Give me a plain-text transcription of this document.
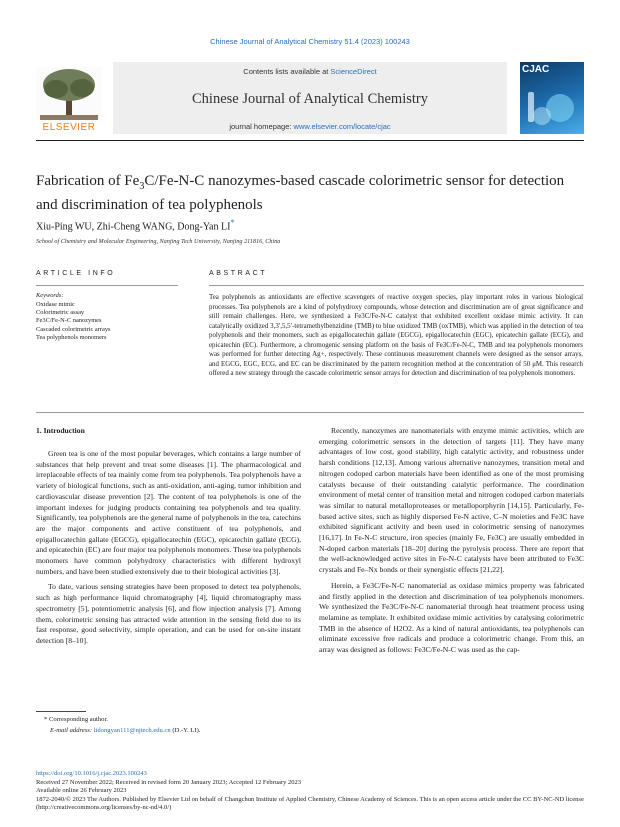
Chinese Journal of Analytical Chemistry 51.4 (2023) 100243
ELSEVIER
Contents lists available at ScienceDirect
Chinese Journal of Analytical Chemistry
journal homepage: www.elsevier.com/locate/cjac
CJAC
Fabrication of $Fe_3C/Fe-N-C$ nanozymes-based cascade colorimetric sensor for detection and discrimination of tea polyphenols
Xiu-Ping WU, Zhi-Cheng WANG, Dong-Yan LI*
School of Chemistry and Molecular Engineering, Nanjing Tech University, Nanjing 211816, China
ARTICLE INFO
Keywords:
Oxidase mimic
Colorimetric assay
Fe3C/Fe-N-C nanozymes
Cascaded colorimetric arrays
Tea polyphenols monomers
ABSTRACT
Tea polyphenols as antioxidants are effective scavengers of reactive oxygen species, play important roles in various biological processes. Tea polyphenols are a kind of polyhydroxy compounds, whose detection and discrimination are of great significance and still remain challenges. Here, we synthesized a Fe3C/Fe-N-C catalyst that exhibited excellent oxidase mimic activity. It can catalytically oxidized 3,3′,5,5′-tetramethylbenzidine (TMB) to blue oxidized TMB (oxTMB), which was applied in the detection of tea polyphenols and their monomers, such as epigallocatechin gallate (EGCG), epigallocatechin (EGC), epicatechin gallate (ECG), and epicatechin (EC). Furthermore, a chromogenic sensing platform on the basis of Fe3C/Fe-N-C, TMB and tea polyphenols monomers was performed for further detecting Ag+, respectively. These continuous measurement channels were designed as the sensor arrays, and EGCG, EGC, ECG, and EC can be discriminated by the pattern recognition method at the concentration of 50 μM. This research offered a new strategy through the cascade colorimetric sensor arrays for detection and discrimination of tea polyphenols monomers.
1. Introduction

Green tea is one of the most popular beverages, which contains a large number of substances that help prevent and treat some diseases [1]. The pharmacological and irreplaceable effects of tea mainly come from tea polyphenols. Tea polyphenols have a variety of biological functions, such as anti-oxidation, anti-aging, tumor inhibition and cardiovascular disease prevention [2]. The content of tea polyphenols is one of the important indexes for judging products containing tea polyphenols and tea quality. Significantly, tea polyphenols are the general name of polyphenols in the tea, catechins are the major components and active constituent of tea polyphenols, and epigallocatechin gallate (EGCG), epigallocatechin (EGC), epicatechin gallate (ECG), and epicatechin (EC) are four major tea polyphenols monomers. These tea polyphenols monomers have common polyhydroxy characteristics with different hydroxyl numbers, and have been studied extensively due to their biological activities [3].

To date, various sensing strategies have been proposed to detect tea polyphenols, such as high performance liquid chromatography [4], liquid chromatography mass spectrometry [5], potentiometric analysis [6], and flow injection analysis [7]. Among them, colorimetric sensing has attracted wide attention in the sensing field due to its fast response, good selectivity, simple operation, and can be used for on-site instant detection [8–10].

Recently, nanozymes are nanomaterials with enzyme mimic activities, which are emerging colorimetric sensors in the detection of targets [11]. They have many advantages of low cost, good stability, high catalytic activity, and robustness under harsh conditions [12,13]. Among various alternative nanozymes, transition metal and nitrogen codoped carbon materials have been identified as one of the most promising catalysts because of their outstanding catalytic performance. The coordination environment of metal center of transition metal and nitrogen codoped carbon materials was similar to natural metalloproteases or metalloporphyrin [14,15]. Particularly, Fe-based active sites, such as highly dispersed Fe-N active, C–N moieties and Fe3C have exhibited significant activity and been used in colorimetric sensing of nanozymes [16,17]. In Fe-N-C structure, iron species (mainly Fe, Fe3C) are usually embedded in N-doped carbon materials [18–20] during the pyrolysis process. There are report that the well-acknowledged active sites in Fe-N-C catalysts have been attributed to Fe3C crystals and Fe–Nx bonds or their synergistic effects [21,22].

Herein, a Fe3C/Fe-N-C nanomaterial as oxidase mimics property was fabricated and firstly applied in the detection and discrimination of tea polyphenols monomers. We synthesized the Fe3C/Fe-N-C nanomaterial through heat treatment process using melamine as template. It exhibited oxidase mimic activities by catalysing colorimetric TMB in the absence of H2O2. As a kind of natural antioxidants, tea polyphenols can eliminate excessive free radicals and produce a colorimetric change. From this, an array was designed as follows: Fe3C/Fe-N-C was used as the cap-

* Corresponding author.
E-mail address: lidongyan111@njtech.edu.cn (D.-Y. LI).
https://doi.org/10.1016/j.cjac.2023.100243
Received 27 November 2022; Received in revised form 20 January 2023; Accepted 12 February 2023
Available online 26 February 2023
1872-2040/© 2023 The Authors. Published by Elsevier Ltd on behalf of Changchun Institute of Applied Chemistry, Chinese Academy of Sciences. This is an open access article under the CC BY-NC-ND license (http://creativecommons.org/licenses/by-nc-nd/4.0/)
